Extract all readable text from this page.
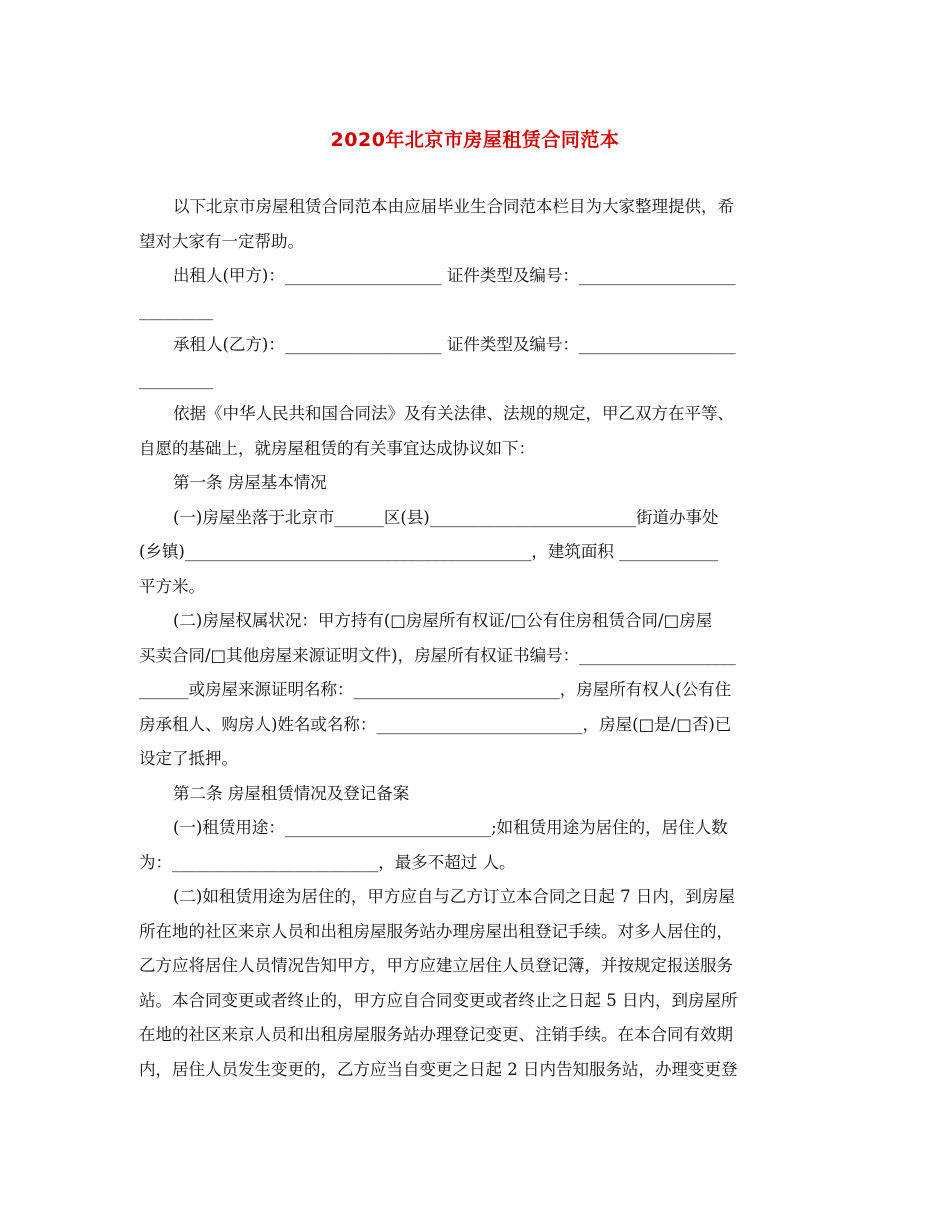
2020年北京市房屋租赁合同范本

以下北京市房屋租赁合同范本由应届毕业生合同范本栏目为大家整理提供，希

望对大家有一定帮助。

出租人(甲方)：___________________ 证件类型及编号：___________________

_________

承租人(乙方)：___________________ 证件类型及编号：___________________

_________

依据《中华人民共和国合同法》及有关法律、法规的规定，甲乙双方在平等、

自愿的基础上，就房屋租赁的有关事宜达成协议如下：

第一条 房屋基本情况

(一)房屋坐落于北京市______区(县)_________________________街道办事处

(乡镇)__________________________________________，建筑面积 ____________

平方米。

(二)房屋权属状况：甲方持有(□房屋所有权证/□公有住房租赁合同/□房屋

买卖合同/□其他房屋来源证明文件)，房屋所有权证书编号：___________________

______或房屋来源证明名称：_________________________，房屋所有权人(公有住

房承租人、购房人)姓名或名称：_________________________，房屋(□是/□否)已

设定了抵押。

第二条 房屋租赁情况及登记备案

(一)租赁用途：_________________________;如租赁用途为居住的，居住人数

为：_________________________，最多不超过 人。

(二)如租赁用途为居住的，甲方应自与乙方订立本合同之日起 7 日内，到房屋

所在地的社区来京人员和出租房屋服务站办理房屋出租登记手续。对多人居住的，

乙方应将居住人员情况告知甲方，甲方应建立居住人员登记簿，并按规定报送服务

站。本合同变更或者终止的，甲方应自合同变更或者终止之日起 5 日内，到房屋所

在地的社区来京人员和出租房屋服务站办理登记变更、注销手续。在本合同有效期

内，居住人员发生变更的，乙方应当自变更之日起 2 日内告知服务站，办理变更登
